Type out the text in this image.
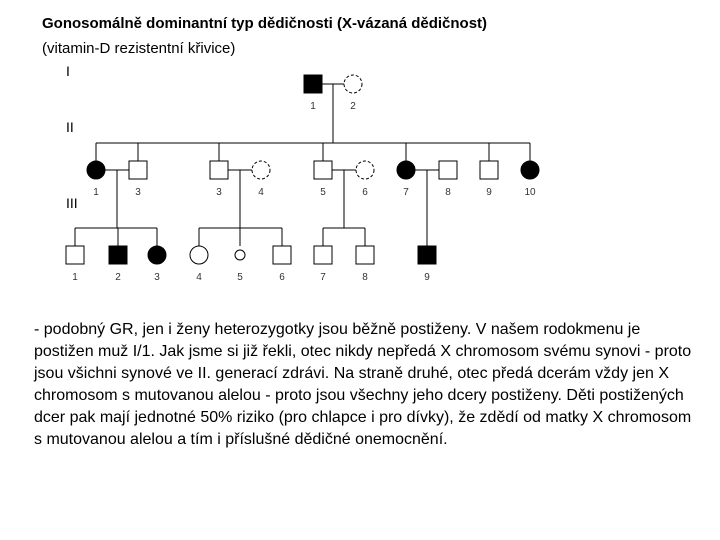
Gonosomálně dominantní typ dědičnosti (X-vázaná dědičnost)
(vitamin-D rezistentní křivice)
I
II
III
1	2
1	3	3	4	5	6	7	8	9	10
1	2	3	4	5	6	7	8	9
- podobný GR, jen i ženy heterozygotky jsou běžně postiženy. V našem rodokmenu je postižen muž I/1. Jak jsme si již řekli, otec nikdy nepředá X chromosom svému synovi - proto jsou všichni synové ve II. generací zdrávi. Na straně druhé, otec předá dcerám vždy jen X chromosom s mutovanou alelou - proto jsou všechny jeho dcery postiženy. Děti postižených dcer pak mají jednotné 50% riziko (pro chlapce i pro dívky), že zdědí od matky X chromosom s mutovanou alelou a tím i příslušné dědičné onemocnění.
